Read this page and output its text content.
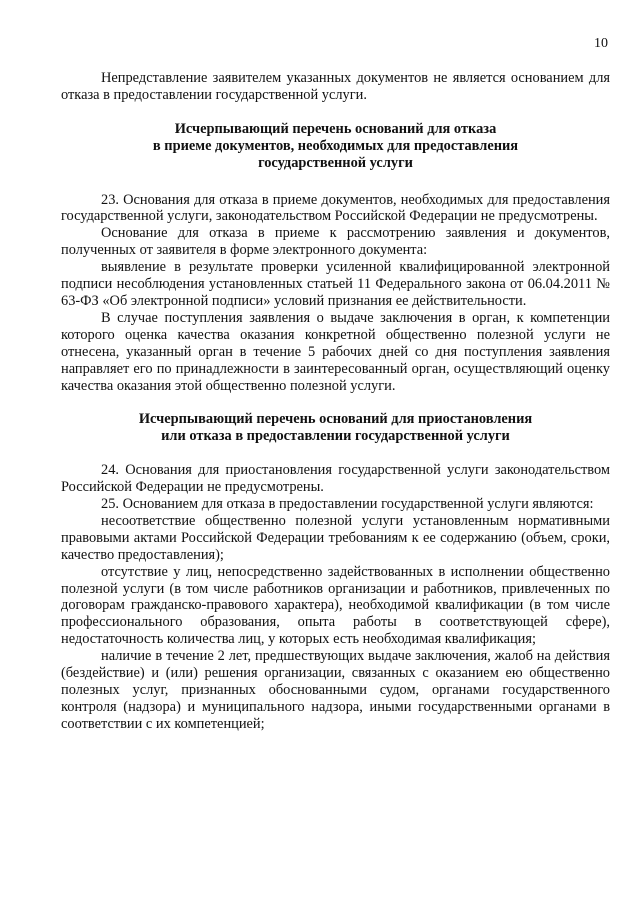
10

Непредставление заявителем указанных документов не является основанием для отказа в предоставлении государственной услуги.

Исчерпывающий перечень оснований для отказа
в приеме документов, необходимых для предоставления
государственной услуги

23. Основания для отказа в приеме документов, необходимых для предоставления государственной услуги, законодательством Российской Федерации не предусмотрены.

Основание для отказа в приеме к рассмотрению заявления и документов, полученных от заявителя в форме электронного документа:

выявление в результате проверки усиленной квалифицированной электронной подписи несоблюдения установленных статьей 11 Федерального закона от 06.04.2011 № 63-ФЗ «Об электронной подписи» условий признания ее действительности.

В случае поступления заявления о выдаче заключения в орган, к компетенции которого оценка качества оказания конкретной общественно полезной услуги не отнесена, указанный орган в течение 5 рабочих дней со дня поступления заявления направляет его по принадлежности в заинтересованный орган, осуществляющий оценку качества оказания этой общественно полезной услуги.

Исчерпывающий перечень оснований для приостановления
или отказа в предоставлении государственной услуги

24. Основания для приостановления государственной услуги законодательством Российской Федерации не предусмотрены.

25. Основанием для отказа в предоставлении государственной услуги являются:

несоответствие общественно полезной услуги установленным нормативными правовыми актами Российской Федерации требованиям к ее содержанию (объем, сроки, качество предоставления);

отсутствие у лиц, непосредственно задействованных в исполнении общественно полезной услуги (в том числе работников организации и работников, привлеченных по договорам гражданско-правового характера), необходимой квалификации (в том числе профессионального образования, опыта работы в соответствующей сфере), недостаточность количества лиц, у которых есть необходимая квалификация;

наличие в течение 2 лет, предшествующих выдаче заключения, жалоб на действия (бездействие) и (или) решения организации, связанных с оказанием ею общественно полезных услуг, признанных обоснованными судом, органами государственного контроля (надзора) и муниципального надзора, иными государственными органами в соответствии с их компетенцией;
